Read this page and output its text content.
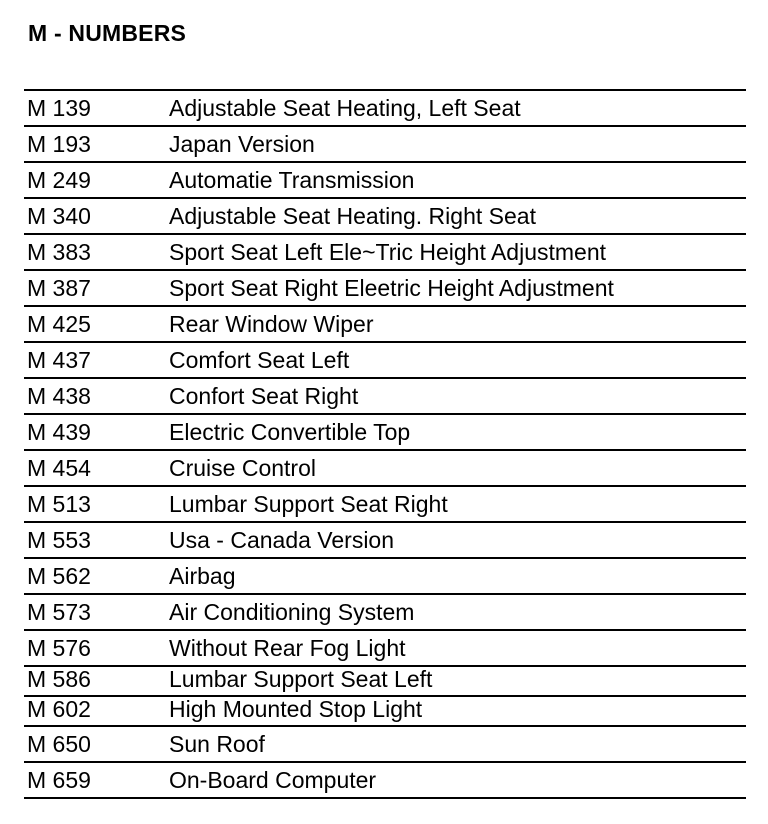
M - NUMBERS
M 139	Adjustable Seat Heating, Left Seat
M 193	Japan Version
M 249	Automatie Transmission
M 340	Adjustable Seat Heating. Right Seat
M 383	Sport Seat Left Ele~Tric Height Adjustment
M 387	Sport Seat Right Eleetric Height Adjustment
M 425	Rear Window Wiper
M 437	Comfort Seat Left
M 438	Confort Seat Right
M 439	Electric Convertible Top
M 454	Cruise Control
M 513	Lumbar Support Seat Right
M 553	Usa - Canada Version
M 562	Airbag
M 573	Air Conditioning System
M 576	Without Rear Fog Light
M 586	Lumbar Support Seat Left
M 602	High Mounted Stop Light
M 650	Sun Roof
M 659	On-Board Computer
